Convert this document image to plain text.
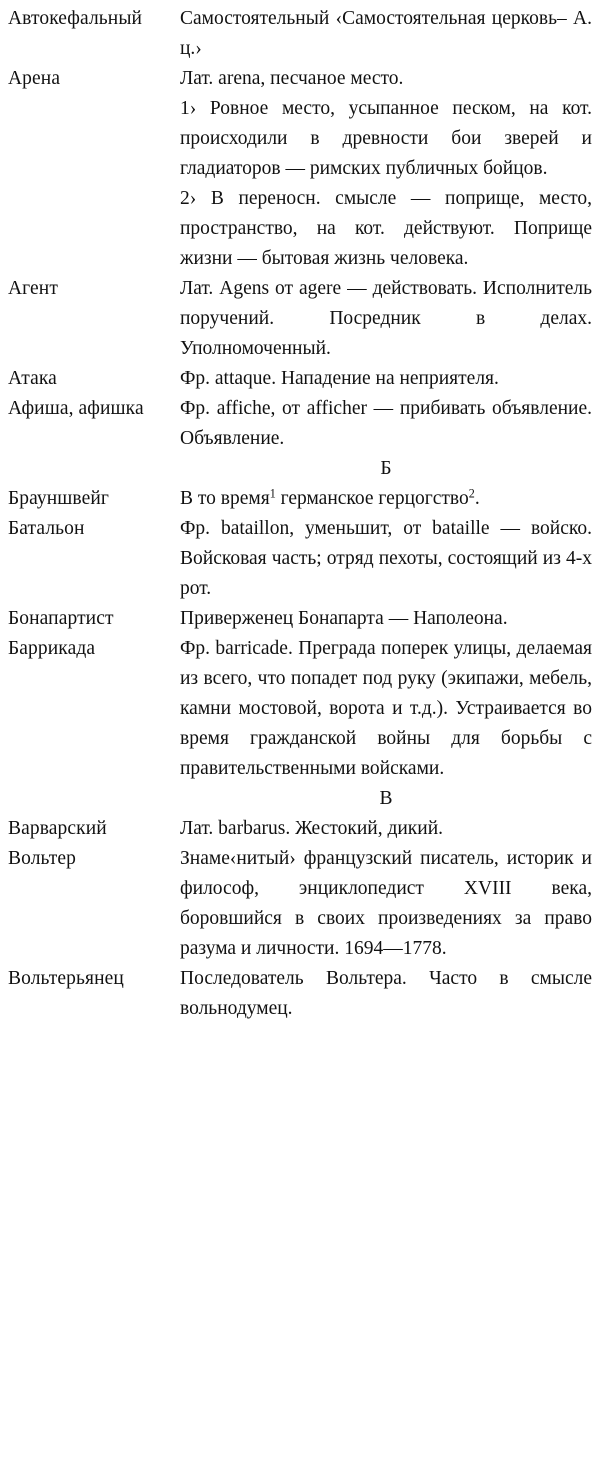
Автокефальный	Самостоятельный ‹Самостоятельная церковь– А. ц.›

Арена	Лат. arena, песчаное место.

1› Ровное место, усыпанное песком, на кот. происходили в древности бои зверей и гладиаторов — римских публичных бойцов.

2› В переносн. смысле — поприще, место, пространство, на кот. действуют. Поприще жизни — бытовая жизнь человека.

Агент	Лат. Agens от agere — действовать. Исполнитель поручений. Посредник в делах. Уполномоченный.

Атака	Фр. attaque. Нападение на неприятеля.

Афиша, афишка	Фр. affiche, от afficher — прибивать объявление. Объявление.

Б
Брауншвейг	В то время$^1$ германское герцогство$^2$.

Батальон	Фр. bataillon, уменьшит, от bataille — войско. Войсковая часть; отряд пехоты, состоящий из 4-х рот.

Бонапартист	Приверженец Бонапарта — Наполеона.

Баррикада	Фр. barricade. Преграда поперек улицы, делаемая из всего, что попадет под руку (экипажи, мебель, камни мостовой, ворота и т.д.). Устраивается во время гражданской войны для борьбы с правительственными войсками.

В
Варварский	Лат. barbarus. Жестокий, дикий.

Вольтер	Знаме‹нитый› французский писатель, историк и философ, энциклопедист XVIII века, боровшийся в своих произведениях за право разума и личности. 1694—1778.

Вольтерьянец	Последователь Вольтера. Часто в смысле вольнодумец.
